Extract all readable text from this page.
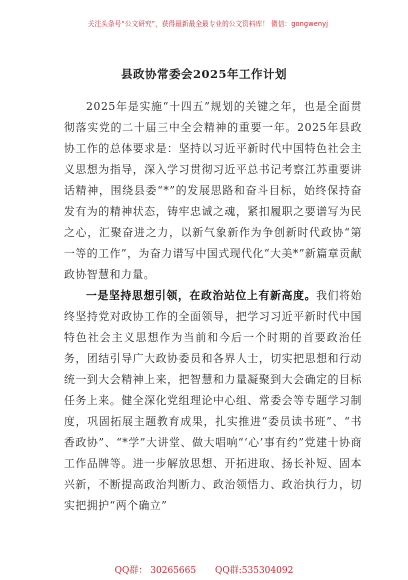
关注头条号“公文研究”，获得最新最全最专业的公文资料库！ 微信：gongwenyj
县政协常委会2025年工作计划

2025年是实施“十四五”规划的关键之年，也是全面贯彻落实党的二十届三中全会精神的重要一年。2025年县政协工作的总体要求是：坚持以习近平新时代中国特色社会主义思想为指导，深入学习贯彻习近平总书记考察江苏重要讲话精神，围绕县委“*”的发展思路和奋斗目标，始终保持奋发有为的精神状态，铸牢忠诚之魂，紧扣履职之要谱写为民之心，汇聚奋进之力，以新气象新作为争创新时代政协“第一等的工作”，为奋力谱写中国式现代化“大美*”新篇章贡献政协智慧和力量。

一是坚持思想引领，在政治站位上有新高度。我们将始终坚持党对政协工作的全面领导，把学习习近平新时代中国特色社会主义思想作为当前和今后一个时期的首要政治任务，团结引导广大政协委员和各界人士，切实把思想和行动统一到大会精神上来，把智慧和力量凝聚到大会确定的目标任务上来。健全深化党组理论中心组、常委会等专题学习制度，巩固拓展主题教育成果，扎实推进“委员读书班”、“书香政协”、“*学”大讲堂、做大唱响“‘心’事有约”党建十协商工作品牌等。进一步解放思想、开拓进取、扬长补短、固本兴新，不断提高政治判断力、政治领悟力、政治执行力，切实把拥护“两个确立”

QQ群： 30265665 QQ群:535304092
